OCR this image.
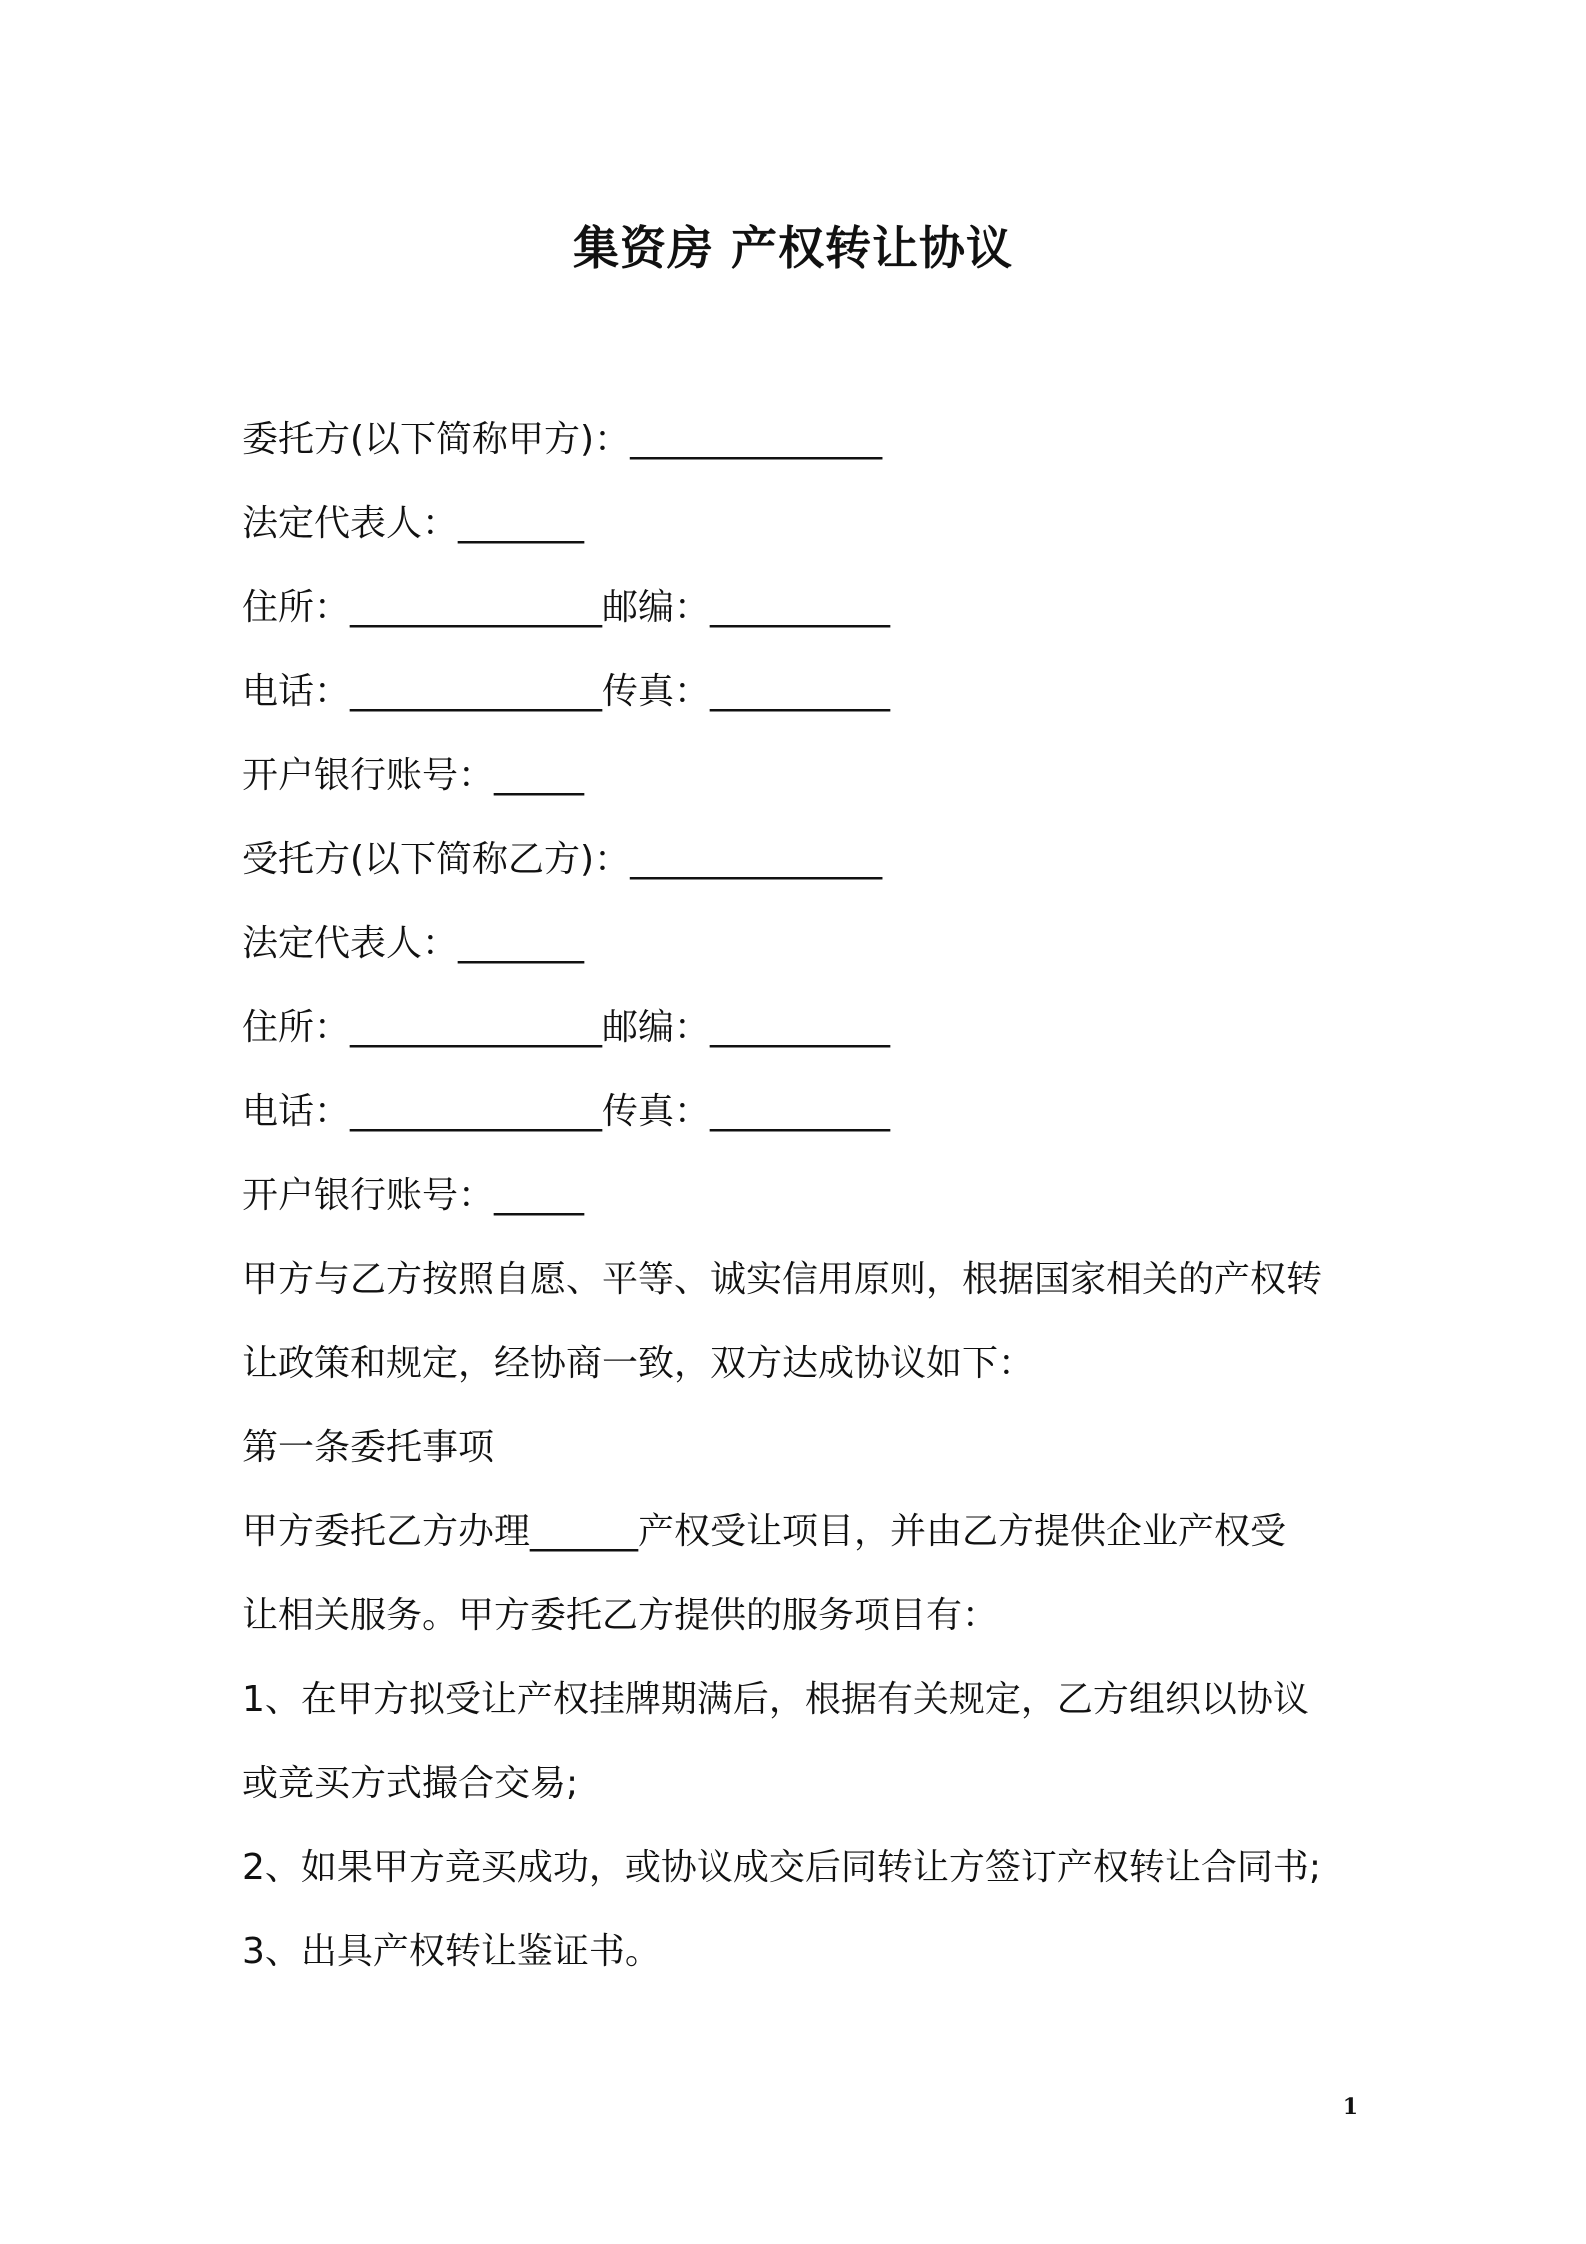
集资房 产权转让协议
委托方(以下简称甲方)：______________
法定代表人：_______
住所：______________邮编：__________
电话：______________传真：__________
开户银行账号：_____
受托方(以下简称乙方)：______________
法定代表人：_______
住所：______________邮编：__________
电话：______________传真：__________
开户银行账号：_____
甲方与乙方按照自愿、平等、诚实信用原则，根据国家相关的产权转
让政策和规定，经协商一致，双方达成协议如下：
第一条委托事项
甲方委托乙方办理______产权受让项目，并由乙方提供企业产权受
让相关服务。甲方委托乙方提供的服务项目有：
1、在甲方拟受让产权挂牌期满后，根据有关规定，乙方组织以协议
或竞买方式撮合交易;
2、如果甲方竞买成功，或协议成交后同转让方签订产权转让合同书;
3、出具产权转让鉴证书。
1
